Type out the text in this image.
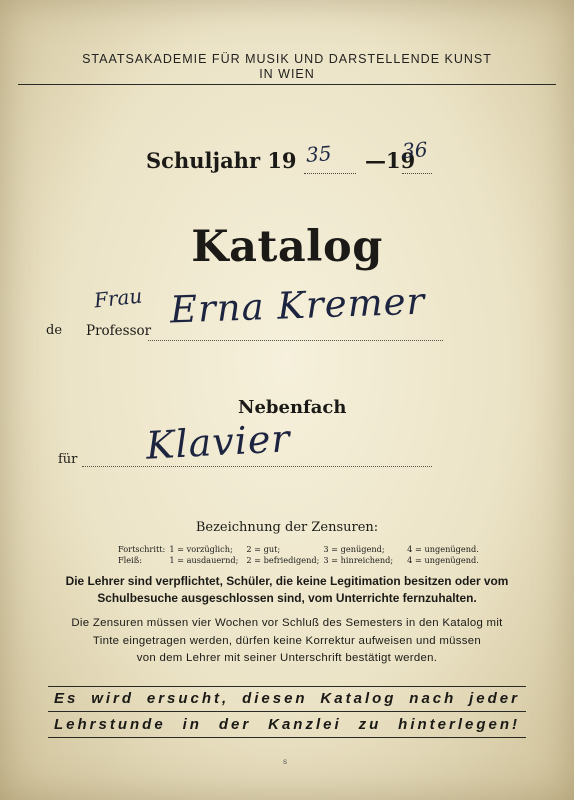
STAATSAKADEMIE FÜR MUSIK UND DARSTELLENDE KUNST
IN WIEN
Schuljahr 19 35 —19
36
Katalog
Frau
de Professor Erna Kremer
Nebenfach
für Klavier
Bezeichnung der Zensuren:
Fortschritt:	1 = vorzüglich;	2 = gut;	3 = genügend;	4 = ungenügend.
Fleiß:	1 = ausdauernd;	2 = befriedigend;	3 = hinreichend;	4 = ungenügend.
Die Lehrer sind verpflichtet, Schüler, die keine Legitimation besitzen oder vom
Schulbesuche ausgeschlossen sind, vom Unterrichte fernzuhalten.
Die Zensuren müssen vier Wochen vor Schluß des Semesters in den Katalog mit
Tinte eingetragen werden, dürfen keine Korrektur aufweisen und müssen
von dem Lehrer mit seiner Unterschrift bestätigt werden.
Es wird ersucht, diesen Katalog nach jeder
Lehrstunde in der Kanzlei zu hinterlegen!
s
